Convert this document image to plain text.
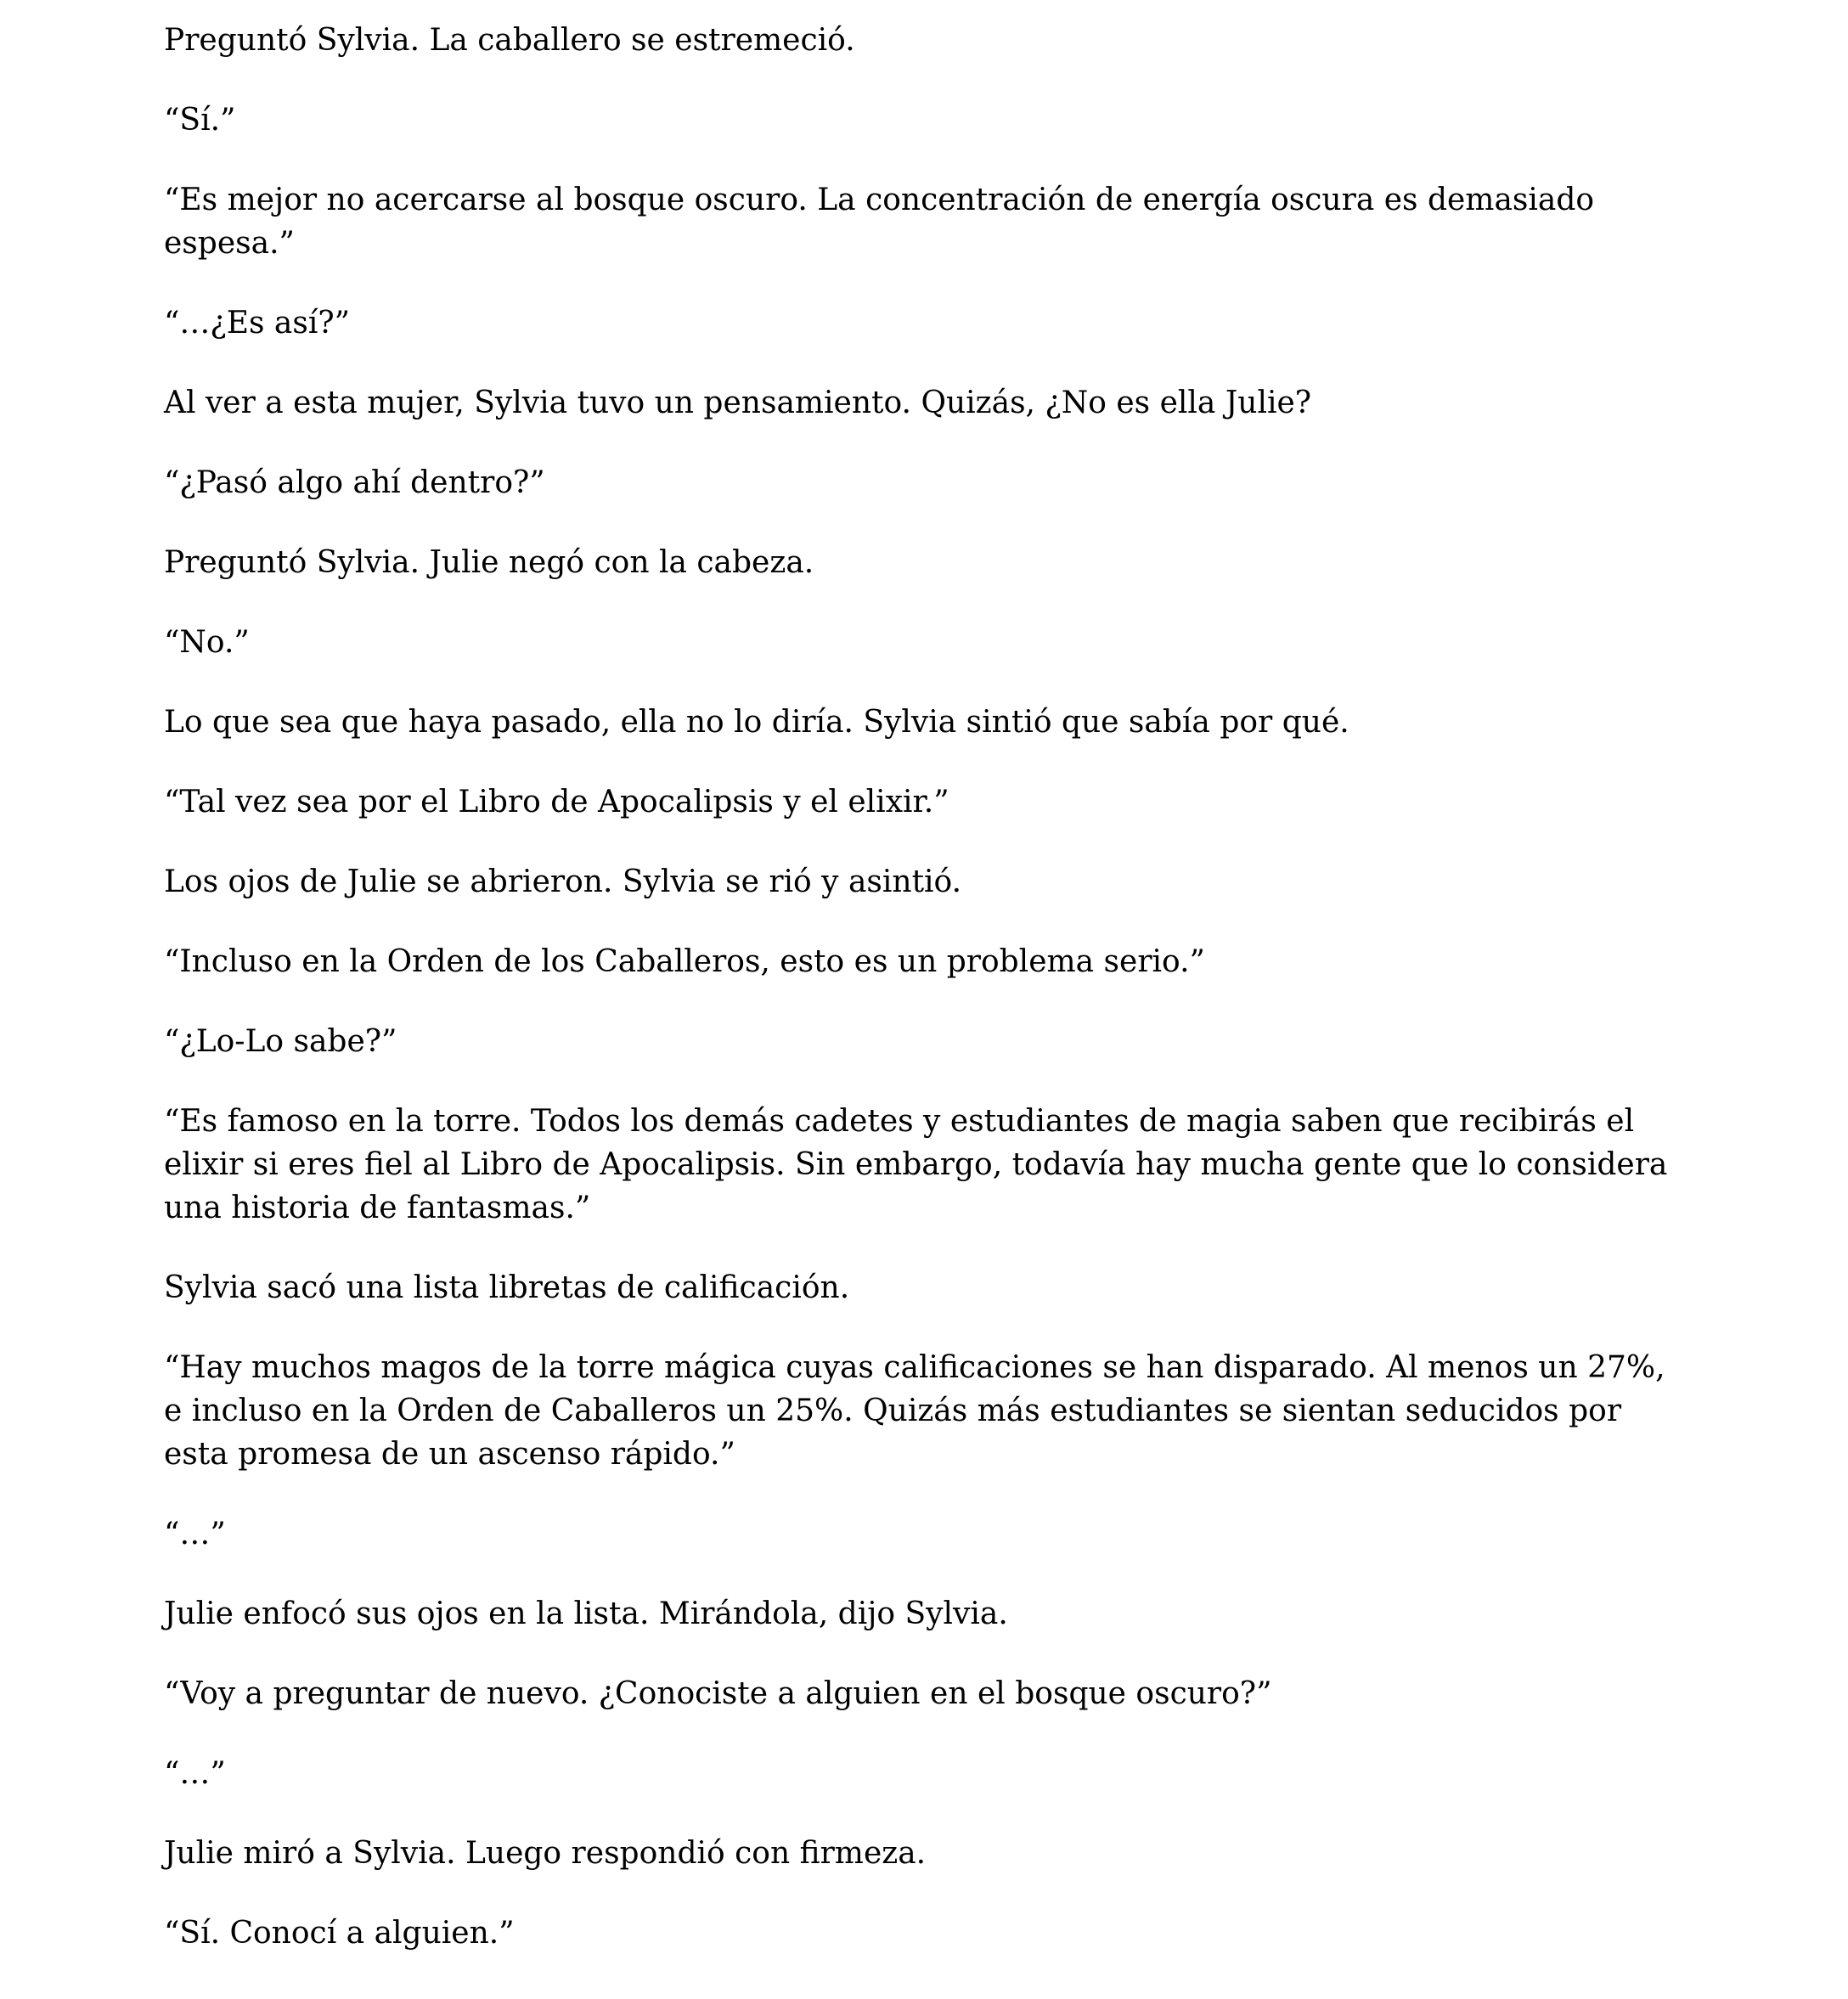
Preguntó Sylvia. La caballero se estremeció.

“Sí.”

“Es mejor no acercarse al bosque oscuro. La concentración de energía oscura es demasiado espesa.”

“…¿Es así?”

Al ver a esta mujer, Sylvia tuvo un pensamiento. Quizás, ¿No es ella Julie?

“¿Pasó algo ahí dentro?”

Preguntó Sylvia. Julie negó con la cabeza.

“No.”

Lo que sea que haya pasado, ella no lo diría. Sylvia sintió que sabía por qué.

“Tal vez sea por el Libro de Apocalipsis y el elixir.”

Los ojos de Julie se abrieron. Sylvia se rió y asintió.

“Incluso en la Orden de los Caballeros, esto es un problema serio.”

“¿Lo-Lo sabe?”

“Es famoso en la torre. Todos los demás cadetes y estudiantes de magia saben que recibirás el elixir si eres fiel al Libro de Apocalipsis. Sin embargo, todavía hay mucha gente que lo considera una historia de fantasmas.”

Sylvia sacó una lista libretas de calificación.

“Hay muchos magos de la torre mágica cuyas calificaciones se han disparado. Al menos un 27%, e incluso en la Orden de Caballeros un 25%. Quizás más estudiantes se sientan seducidos por esta promesa de un ascenso rápido.”

“…”

Julie enfocó sus ojos en la lista. Mirándola, dijo Sylvia.

“Voy a preguntar de nuevo. ¿Conociste a alguien en el bosque oscuro?”

“…”

Julie miró a Sylvia. Luego respondió con firmeza.

“Sí. Conocí a alguien.”
